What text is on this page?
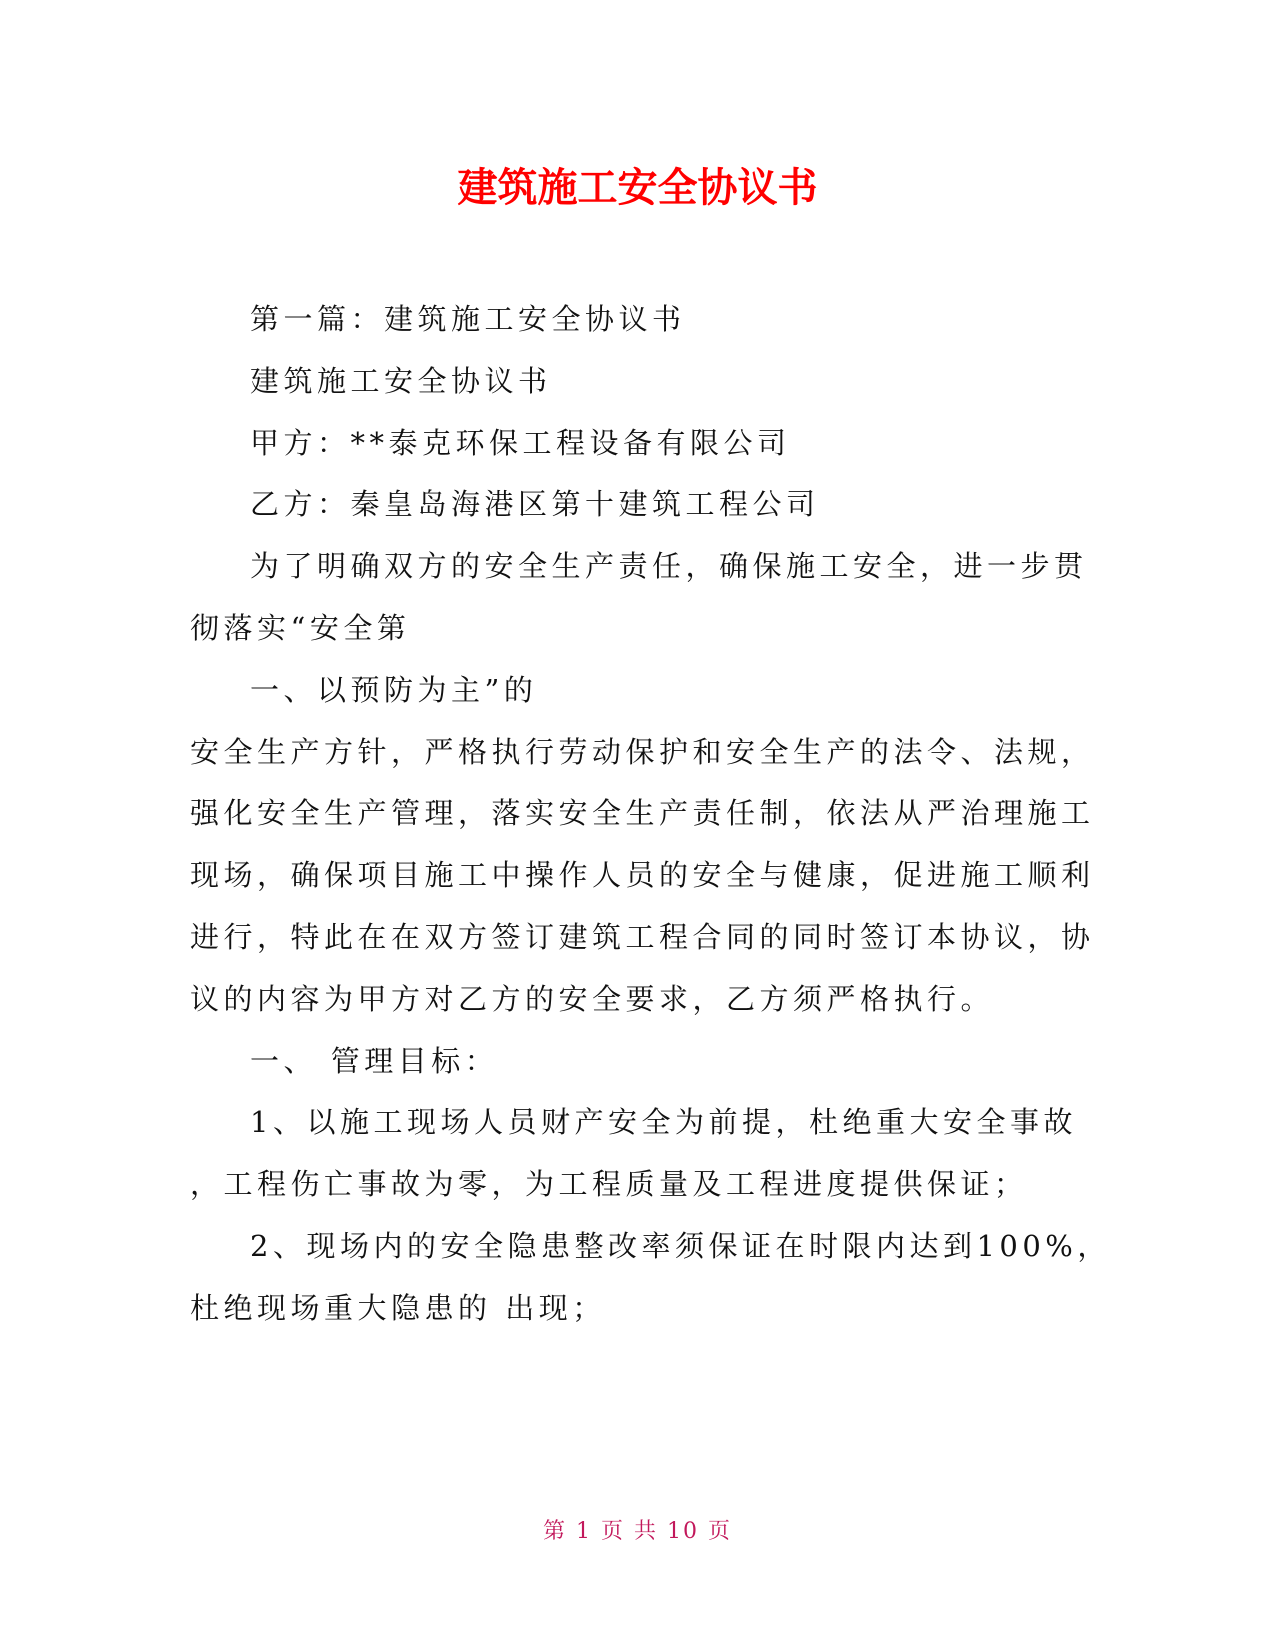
建筑施工安全协议书
第一篇：建筑施工安全协议书
建筑施工安全协议书
甲方：**泰克环保工程设备有限公司
乙方：秦皇岛海港区第十建筑工程公司
为了明确双方的安全生产责任，确保施工安全，进一步贯
彻落实“安全第
一、以预防为主”的
安全生产方针，严格执行劳动保护和安全生产的法令、法规，
强化安全生产管理，落实安全生产责任制，依法从严治理施工
现场，确保项目施工中操作人员的安全与健康，促进施工顺利
进行，特此在在双方签订建筑工程合同的同时签订本协议，协
议的内容为甲方对乙方的安全要求，乙方须严格执行。
一、 管理目标：
1、以施工现场人员财产安全为前提，杜绝重大安全事故
，工程伤亡事故为零，为工程质量及工程进度提供保证；
2、现场内的安全隐患整改率须保证在时限内达到100%，
杜绝现场重大隐患的 出现；
第 1 页 共 10 页
